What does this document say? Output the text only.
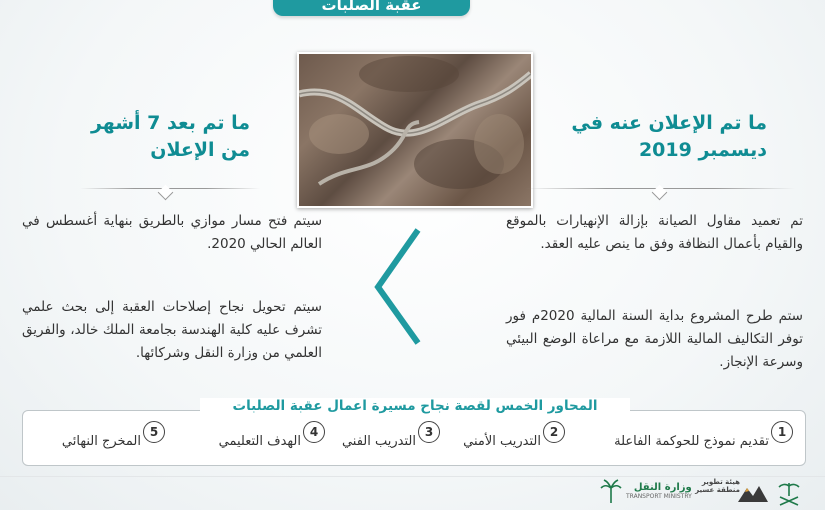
عقبة الصلبات
ما تم الإعلان عنه في ديسمبر 2019
ما تم بعد 7 أشهر من الإعلان
تم تعميد مقاول الصيانة بإزالة الإنهيارات بالموقع والقيام بأعمال النظافة وفق ما ينص عليه العقد.
ستم طرح المشروع بداية السنة المالية 2020م فور توفر التكاليف المالية اللازمة مع مراعاة الوضع البيئي وسرعة الإنجاز.
سيتم فتح مسار موازي بالطريق بنهاية أغسطس في العالم الحالي 2020.
سيتم تحويل نجاح إصلاحات العقبة إلى بحث علمي تشرف عليه كلية الهندسة بجامعة الملك خالد، والفريق العلمي من وزارة النقل وشركائها.
المحاور الخمس لقصة نجاح مسيرة اعمال عقبة الصلبات
1
تقديم نموذج للحوكمة الفاعلة
2
التدريب الأمني
3
التدريب الفني
4
الهدف التعليمي
5
المخرج النهائي
وزارة النقل
TRANSPORT MINISTRY
هيئة تطوير منطقة عسير
